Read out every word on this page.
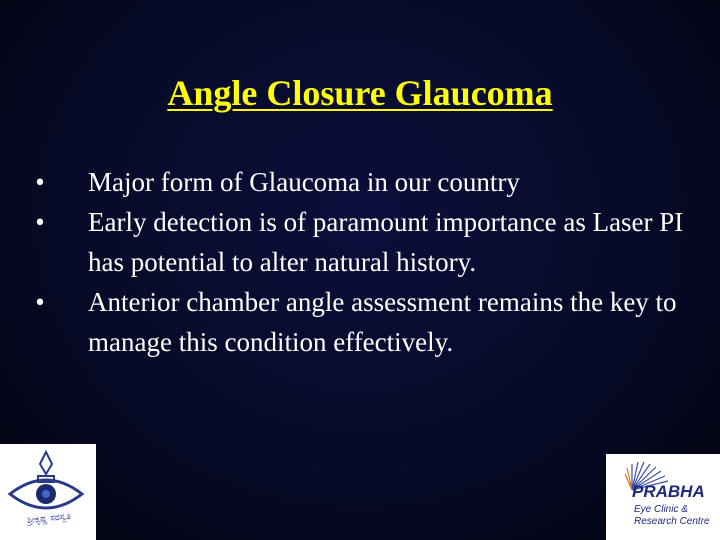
Angle Closure Glaucoma
• Major form of Glaucoma in our country
• Early detection is of paramount importance as Laser PI has potential to alter natural history.
• Anterior chamber angle assessment remains the key to manage this condition effectively.
ಶ್ರೀಕೃಷ್ಣ ಸರಸ್ವತಿ
PRABHA
Eye Clinic &
Research Centre
